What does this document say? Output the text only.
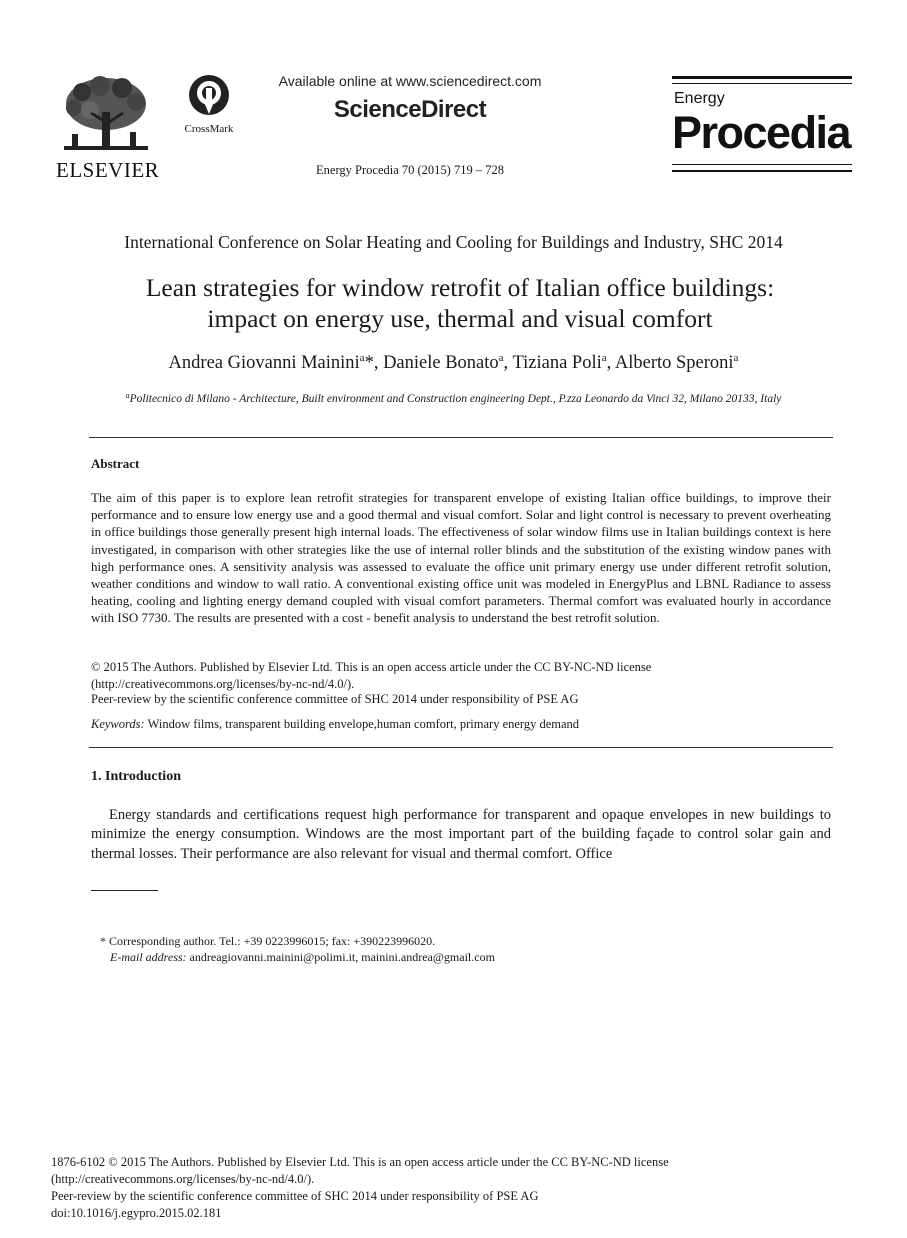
ELSEVIER
CrossMark
Available online at www.sciencedirect.com
ScienceDirect
Energy Procedia 70 (2015) 719 – 728
Energy
Procedia
International Conference on Solar Heating and Cooling for Buildings and Industry, SHC 2014
Lean strategies for window retrofit of Italian office buildings:
impact on energy use, thermal and visual comfort
Andrea Giovanni Mainini$^a$*, Daniele Bonato$^a$, Tiziana Poli$^a$, Alberto Speroni$^a$
$^a$Politecnico di Milano - Architecture, Built environment and Construction engineering Dept., P.zza Leonardo da Vinci 32, Milano 20133, Italy
Abstract
The aim of this paper is to explore lean retrofit strategies for transparent envelope of existing Italian office buildings, to improve their performance and to ensure low energy use and a good thermal and visual comfort. Solar and light control is necessary to prevent overheating in office buildings those generally present high internal loads. The effectiveness of solar window films use in Italian buildings context is here investigated, in comparison with other strategies like the use of internal roller blinds and the substitution of the existing window panes with high performance ones. A sensitivity analysis was assessed to evaluate the office unit primary energy use under different retrofit solution, weather conditions and window to wall ratio. A conventional existing office unit was modeled in EnergyPlus and LBNL Radiance to assess heating, cooling and lighting energy demand coupled with visual comfort parameters. Thermal comfort was evaluated hourly in accordance with ISO 7730. The results are presented with a cost - benefit analysis to understand the best retrofit solution.
© 2015 The Authors. Published by Elsevier Ltd. This is an open access article under the CC BY-NC-ND license
(http://creativecommons.org/licenses/by-nc-nd/4.0/).
Peer-review by the scientific conference committee of SHC 2014 under responsibility of PSE AG
Keywords: Window films, transparent building envelope,human comfort, primary energy demand
1. Introduction
Energy standards and certifications request high performance for transparent and opaque envelopes in new buildings to minimize the energy consumption. Windows are the most important part of the building façade to control solar gain and thermal losses. Their performance are also relevant for visual and thermal comfort. Office
* Corresponding author. Tel.: +39 0223996015; fax: +390223996020.
E-mail address: andreagiovanni.mainini@polimi.it, mainini.andrea@gmail.com
1876-6102 © 2015 The Authors. Published by Elsevier Ltd. This is an open access article under the CC BY-NC-ND license
(http://creativecommons.org/licenses/by-nc-nd/4.0/).
Peer-review by the scientific conference committee of SHC 2014 under responsibility of PSE AG
doi:10.1016/j.egypro.2015.02.181
